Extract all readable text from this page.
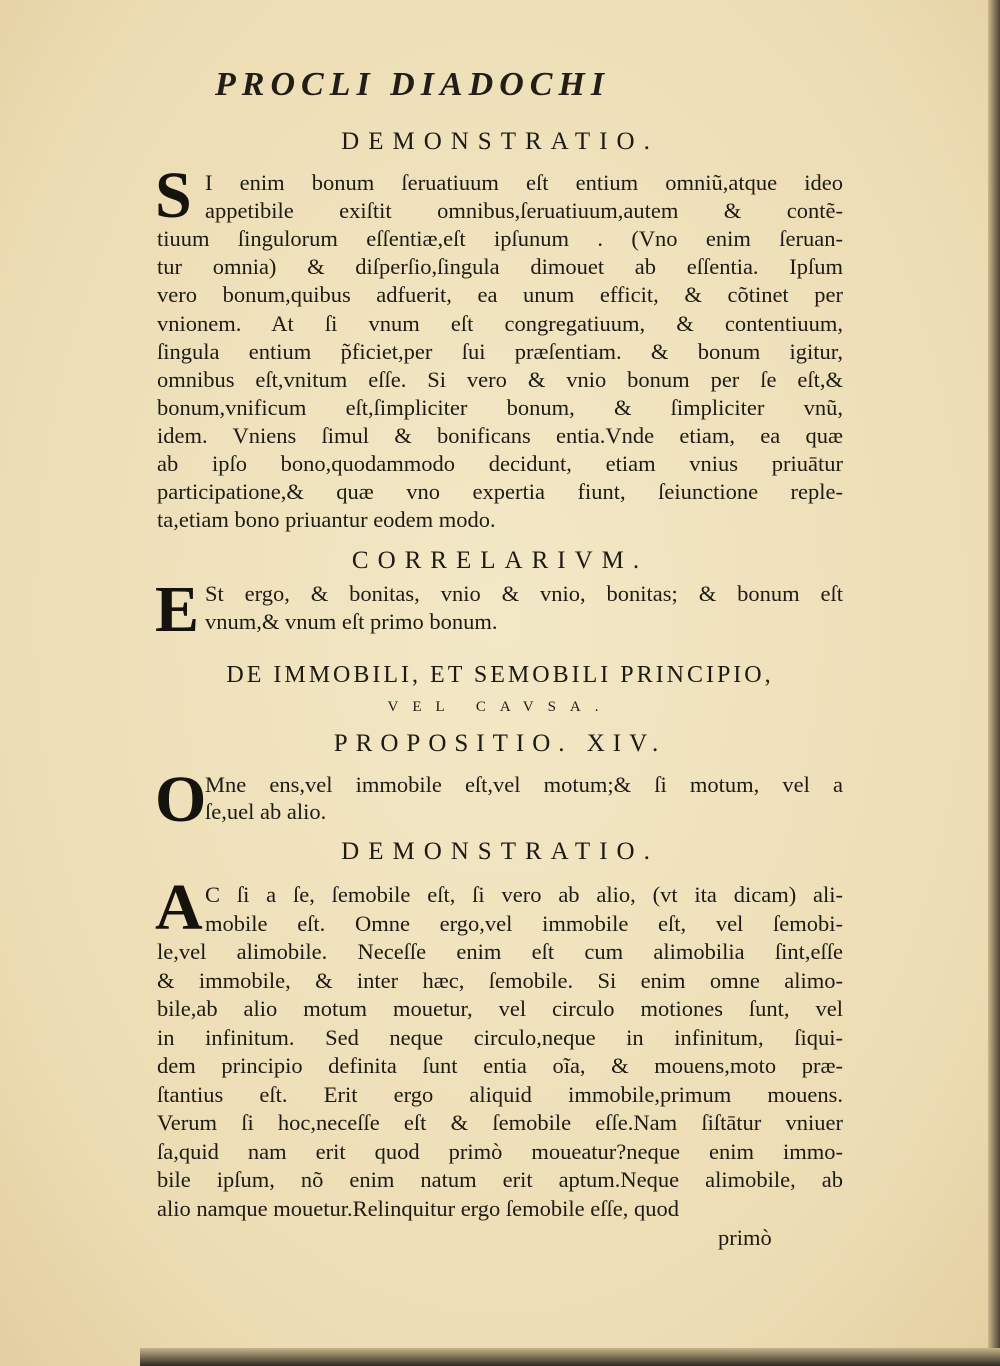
PROCLI DIADOCHI
DEMONSTRATIO.
S I enim bonum ſeruatiuum eſt entium omniũ,atque ideo
appetibile exiſtit omnibus,ſeruatiuum,autem & contẽ-
tiuum ſingulorum eſſentiæ,eſt ipſunum . (Vno enim ſeruan-
tur omnia) & diſperſio,ſingula dimouet ab eſſentia. Ipſum
vero bonum,quibus adfuerit, ea unum efficit, & cõtinet per
vnionem. At ſi vnum eſt congregatiuum, & contentiuum,
ſingula entium p̃ficiet,per ſui præſentiam. & bonum igitur,
omnibus eſt,vnitum eſſe. Si vero & vnio bonum per ſe eſt,&
bonum,vnificum eſt,ſimpliciter bonum, & ſimpliciter vnũ,
idem. Vniens ſimul & bonificans entia.Vnde etiam, ea quæ
ab ipſo bono,quodammodo decidunt, etiam vnius priuātur
participatione,& quæ vno expertia fiunt, ſeiunctione reple-
ta,etiam bono priuantur eodem modo.
CORRELARIVM.
E St ergo, & bonitas, vnio & vnio, bonitas; & bonum eſt
vnum,& vnum eſt primo bonum.
DE IMMOBILI, ET SEMOBILI PRINCIPIO,
VEL CAVSA.
PROPOSITIO. XIV.
O
Mne ens,vel immobile eſt,vel motum;& ſi motum, vel a
ſe,uel ab alio.
DEMONSTRATIO.
A C ſi a ſe, ſemobile eſt, ſi vero ab alio, (vt ita dicam) ali-
mobile eſt. Omne ergo,vel immobile eſt, vel ſemobi-
le,vel alimobile. Neceſſe enim eſt cum alimobilia ſint,eſſe
& immobile, & inter hæc, ſemobile. Si enim omne alimo-
bile,ab alio motum mouetur, vel circulo motiones ſunt, vel
in infinitum. Sed neque circulo,neque in infinitum, ſiqui-
dem principio definita ſunt entia oĩa, & mouens,moto præ-
ſtantius eſt. Erit ergo aliquid immobile,primum mouens.
Verum ſi hoc,neceſſe eſt & ſemobile eſſe.Nam ſiſtātur vniuer
ſa,quid nam erit quod primò moueatur?neque enim immo-
bile ipſum, nõ enim natum erit aptum.Neque alimobile, ab
alio namque mouetur.Relinquitur ergo ſemobile eſſe, quod
primò
